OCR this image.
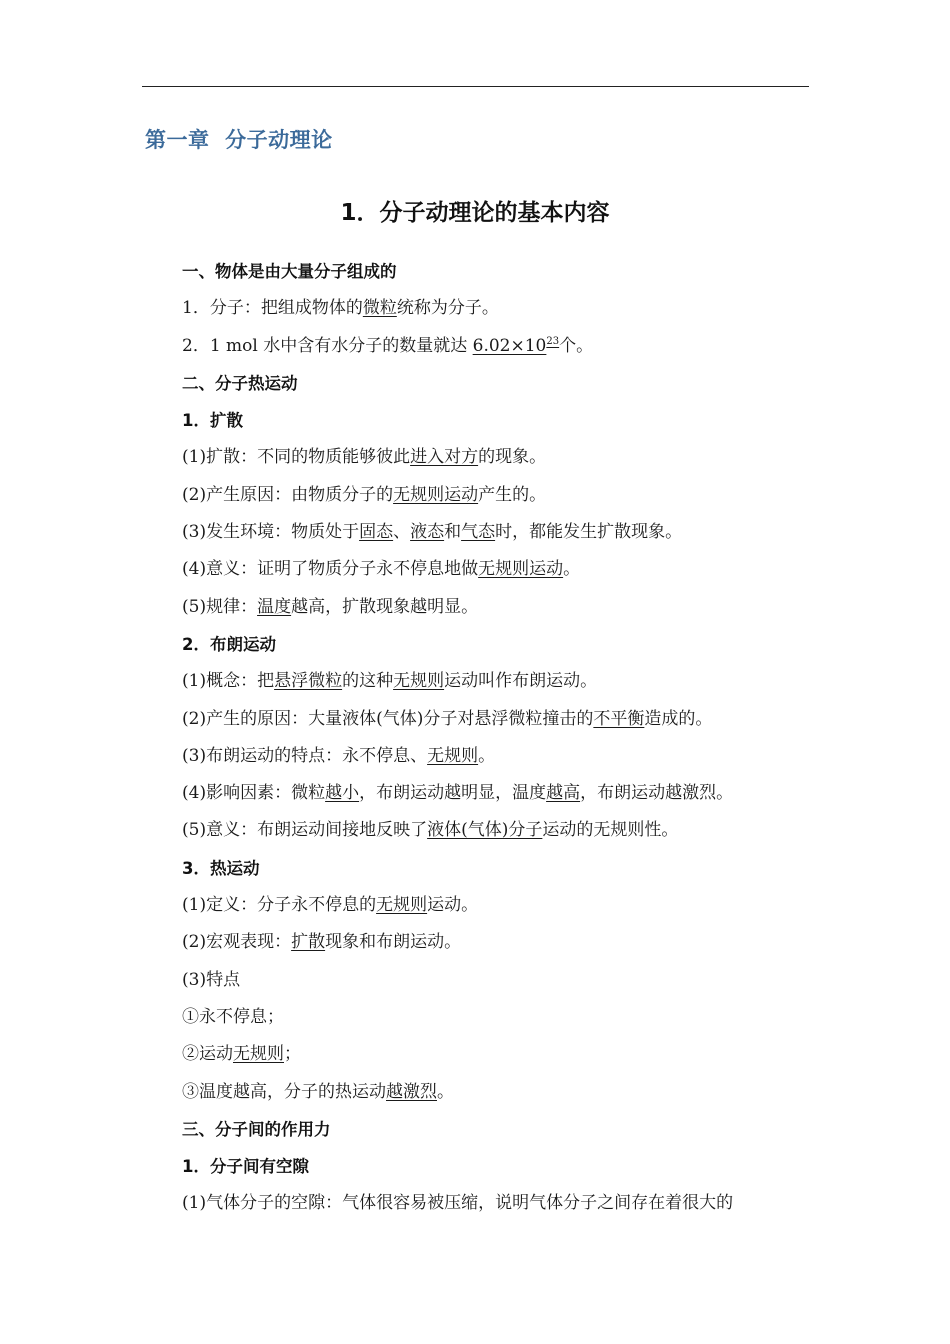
第一章  分子动理论
1．分子动理论的基本内容
一、物体是由大量分子组成的
1．分子：把组成物体的微粒统称为分子。
2．1 mol 水中含有水分子的数量就达 $6.02\times 10^{23}$个。
二、分子热运动
1．扩散
(1)扩散：不同的物质能够彼此进入对方的现象。
(2)产生原因：由物质分子的无规则运动产生的。
(3)发生环境：物质处于固态、液态和气态时，都能发生扩散现象。
(4)意义：证明了物质分子永不停息地做无规则运动。
(5)规律：温度越高，扩散现象越明显。
2．布朗运动
(1)概念：把悬浮微粒的这种无规则运动叫作布朗运动。
(2)产生的原因：大量液体(气体)分子对悬浮微粒撞击的不平衡造成的。
(3)布朗运动的特点：永不停息、无规则。
(4)影响因素：微粒越小，布朗运动越明显，温度越高，布朗运动越激烈。
(5)意义：布朗运动间接地反映了液体(气体)分子运动的无规则性。
3．热运动
(1)定义：分子永不停息的无规则运动。
(2)宏观表现：扩散现象和布朗运动。
(3)特点
①永不停息；
②运动无规则；
③温度越高，分子的热运动越激烈。
三、分子间的作用力
1．分子间有空隙
(1)气体分子的空隙：气体很容易被压缩，说明气体分子之间存在着很大的
